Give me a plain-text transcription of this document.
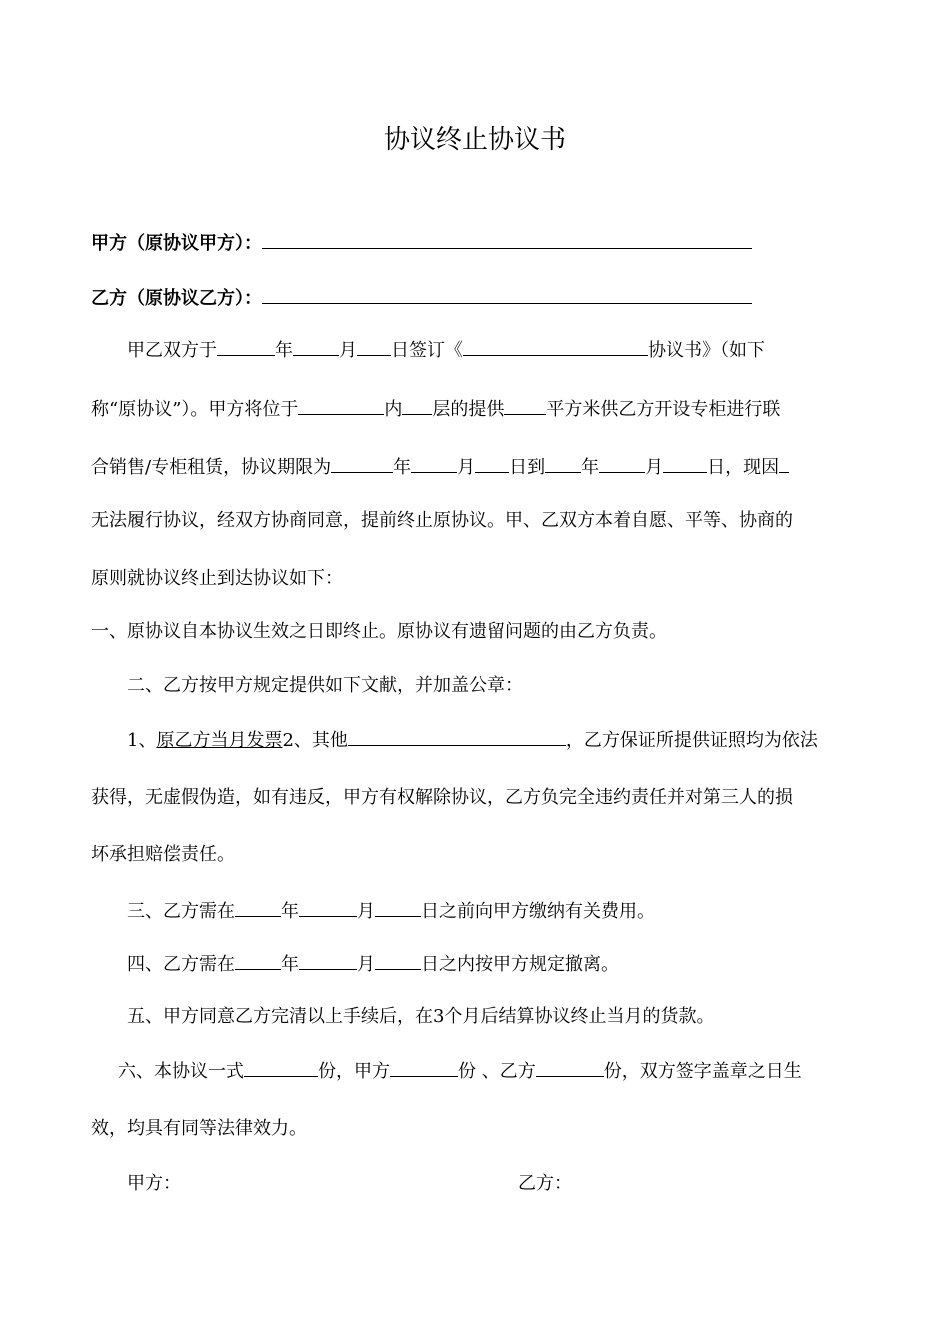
协议终止协议书
甲方（原协议甲方）：
乙方（原协议乙方）：
甲乙双方于	年	月 日签订《	协议书》（如下
称“原协议”）。甲方将位于	内 层的提供 平方米供乙方开设专柜进行联
合销售/专柜租赁，协议期限为	年	月 日到 年	月 日，现因
无法履行协议，经双方协商同意，提前终止原协议。甲、乙双方本着自愿、平等、协商的
原则就协议终止到达协议如下：
一、原协议自本协议生效之日即终止。原协议有遗留问题的由乙方负责。
二、乙方按甲方规定提供如下文献，并加盖公章：
1、原乙方当月发票2、其他	，乙方保证所提供证照均为依法
获得，无虚假伪造，如有违反，甲方有权解除协议，乙方负完全违约责任并对第三人的损
坏承担赔偿责任。
三、乙方需在	年	月	日之前向甲方缴纳有关费用。
四、乙方需在	年	月	日之内按甲方规定撤离。
五、甲方同意乙方完清以上手续后，在3个月后结算协议终止当月的货款。
六、本协议一式	份，甲方	份 、乙方	份，双方签字盖章之日生
效，均具有同等法律效力。
甲方：	乙方：
